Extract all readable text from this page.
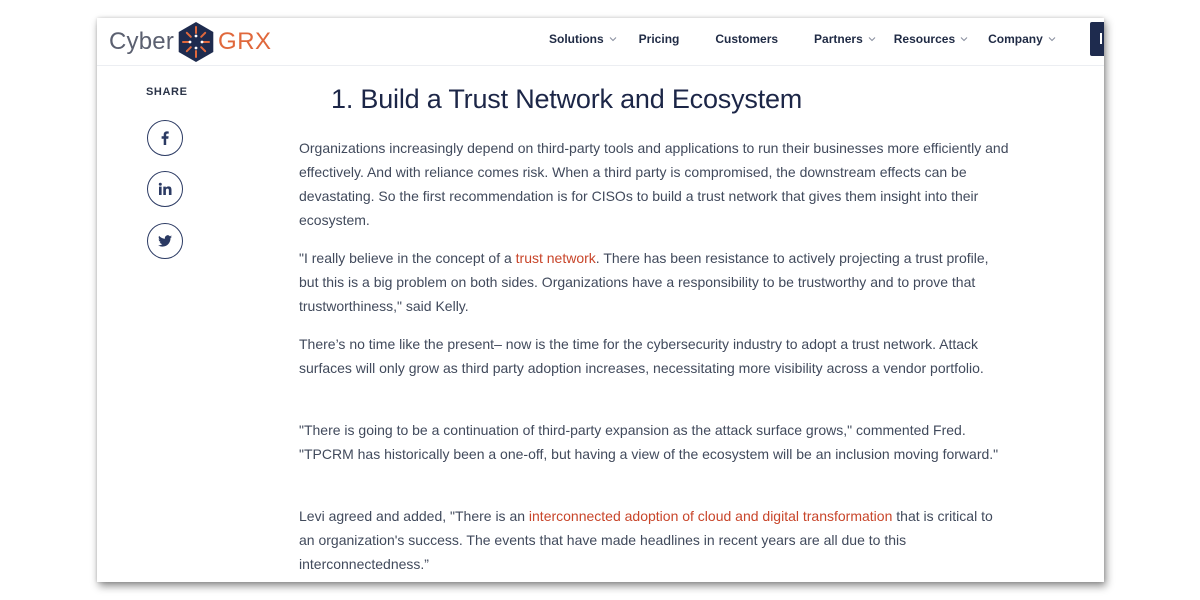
Cyber GRX	Solutions	Pricing	Customers	Partners	Resources	Company
SHARE	1. Build a Trust Network and Ecosystem

Organizations increasingly depend on third-party tools and applications to run their businesses more efficiently and effectively. And with reliance comes risk. When a third party is compromised, the downstream effects can be devastating. So the first recommendation is for CISOs to build a trust network that gives them insight into their ecosystem.

"I really believe in the concept of a trust network. There has been resistance to actively projecting a trust profile, but this is a big problem on both sides. Organizations have a responsibility to be trustworthy and to prove that trustworthiness," said Kelly.

There’s no time like the present– now is the time for the cybersecurity industry to adopt a trust network. Attack surfaces will only grow as third party adoption increases, necessitating more visibility across a vendor portfolio.

"There is going to be a continuation of third-party expansion as the attack surface grows," commented Fred. "TPCRM has historically been a one-off, but having a view of the ecosystem will be an inclusion moving forward."

Levi agreed and added, "There is an interconnected adoption of cloud and digital transformation that is critical to an organization's success. The events that have made headlines in recent years are all due to this interconnectedness.”
